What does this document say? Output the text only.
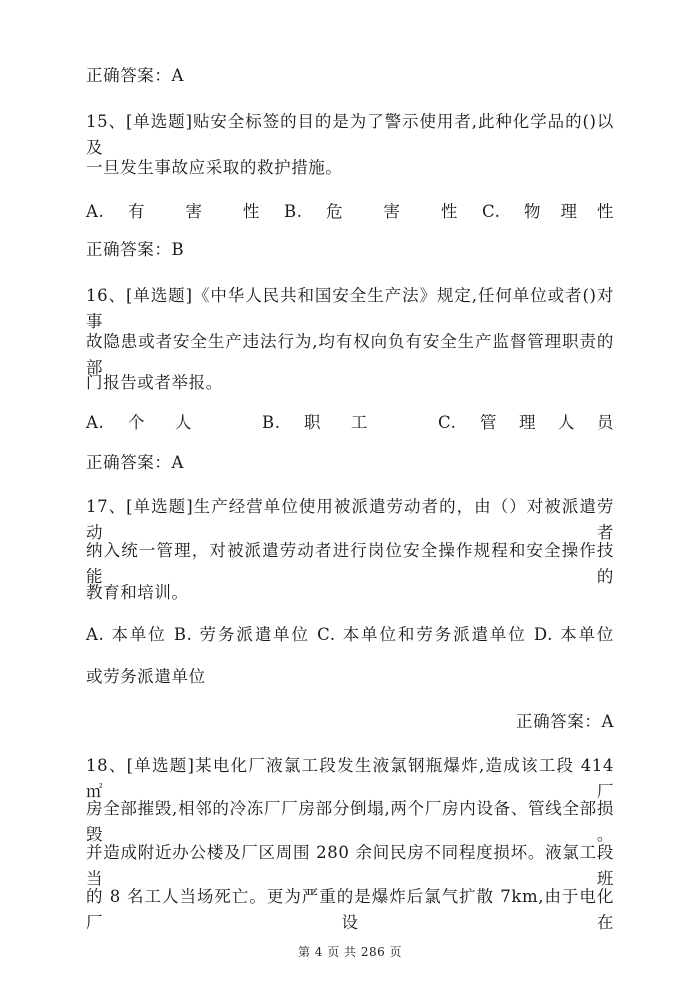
正确答案：A
15、[单选题]贴安全标签的目的是为了警示使用者,此种化学品的()以及
一旦发生事故应采取的救护措施。
A.	有 害 性 B.	危 害 性 C.	物 理 性
正确答案：B
16、[单选题]《中华人民共和国安全生产法》规定,任何单位或者()对事
故隐患或者安全生产违法行为,均有权向负有安全生产监督管理职责的部
门报告或者举报。
A.	个 人	B.	职 工	C.	管 理 人 员
正确答案：A
17、[单选题]生产经营单位使用被派遣劳动者的，由（）对被派遣劳动者
纳入统一管理，对被派遣劳动者进行岗位安全操作规程和安全操作技能的
教育和培训。
A. 本单位 B. 劳务派遣单位 C. 本单位和劳务派遣单位 D. 本单位
或劳务派遣单位
正确答案：A
18、[单选题]某电化厂液氯工段发生液氯钢瓶爆炸,造成该工段 414 ㎡厂
房全部摧毁,相邻的冷冻厂厂房部分倒塌,两个厂房内设备、管线全部损毁。
并造成附近办公楼及厂区周围 280 余间民房不同程度损坏。液氯工段当班
的 8 名工人当场死亡。更为严重的是爆炸后氯气扩散 7km,由于电化厂设在
第 4 页 共 286 页
